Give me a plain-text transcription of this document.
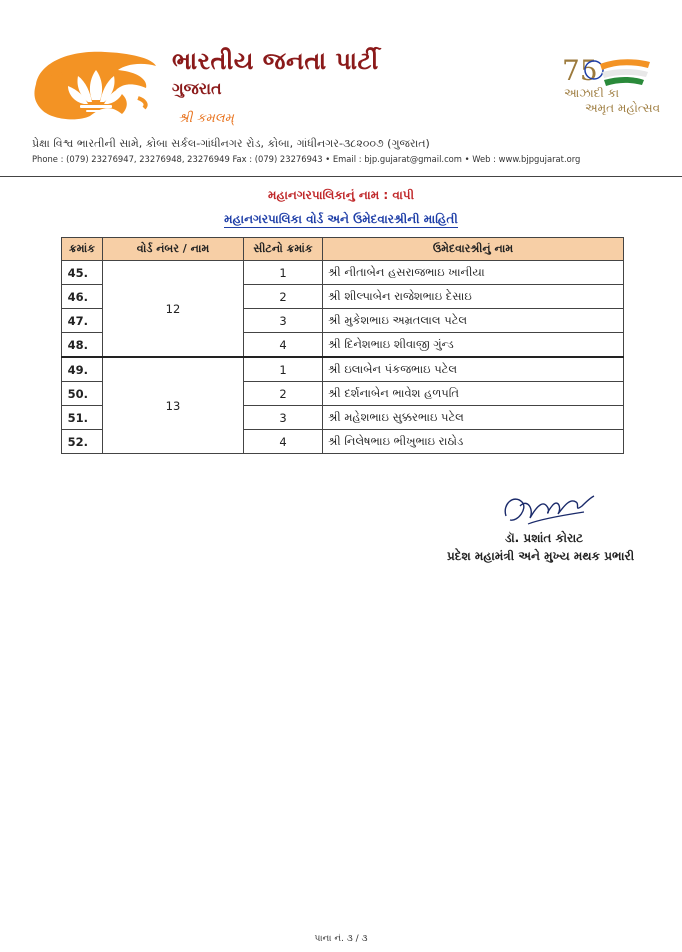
ભારતીય જનતા પાર્ટી
ગુજરાત
શ્રી કમલમ્
75
આઝાદી કા
અમૃત મહોત્સવ
પ્રેક્ષા વિશ્વ ભારતીની સામે, કોબા સર્કલ-ગાંધીનગર રોડ, કોબા, ગાંધીનગર-૩૮૨૦૦૭ (ગુજરાત)
Phone : (079) 23276947, 23276948, 23276949 Fax : (079) 23276943 • Email : bjp.gujarat@gmail.com • Web : www.bjpgujarat.org
મહાનગરપાલિકાનું નામ : વાપી
મહાનગરપાલિકા વોર્ડ અને ઉમેદવારશ્રીની માહિતી
ક્રમાંક	વોર્ડ નંબર / નામ	સીટનો ક્રમાંક	ઉમેદવારશ્રીનું નામ
45.	12	1	શ્રી નીતાબેન હસરાજભાઇ ખાનીયા
46.		2	શ્રી શીલ્પાબેન રાજેશભાઇ દેસાઇ
47.		3	શ્રી મુકેશભાઇ અમ્રતલાલ પટેલ
48.		4	શ્રી દિનેશભાઇ શીવાજી ગુંન્ડ
49.	13	1	શ્રી ઇલાબેન પંકજભાઇ પટેલ
50.		2	શ્રી દર્શનાબેન ભાવેશ હળપતિ
51.		3	શ્રી મહેશભાઇ સુક્કરભાઇ પટેલ
52.		4	શ્રી નિલેષભાઇ ભીખુભાઇ રાઠોડ
ડૉ. પ્રશાંત કોરાટ
પ્રદેશ મહામંત્રી અને મુખ્ય મથક પ્રભારી
પાના નં. ૩ / ૩
